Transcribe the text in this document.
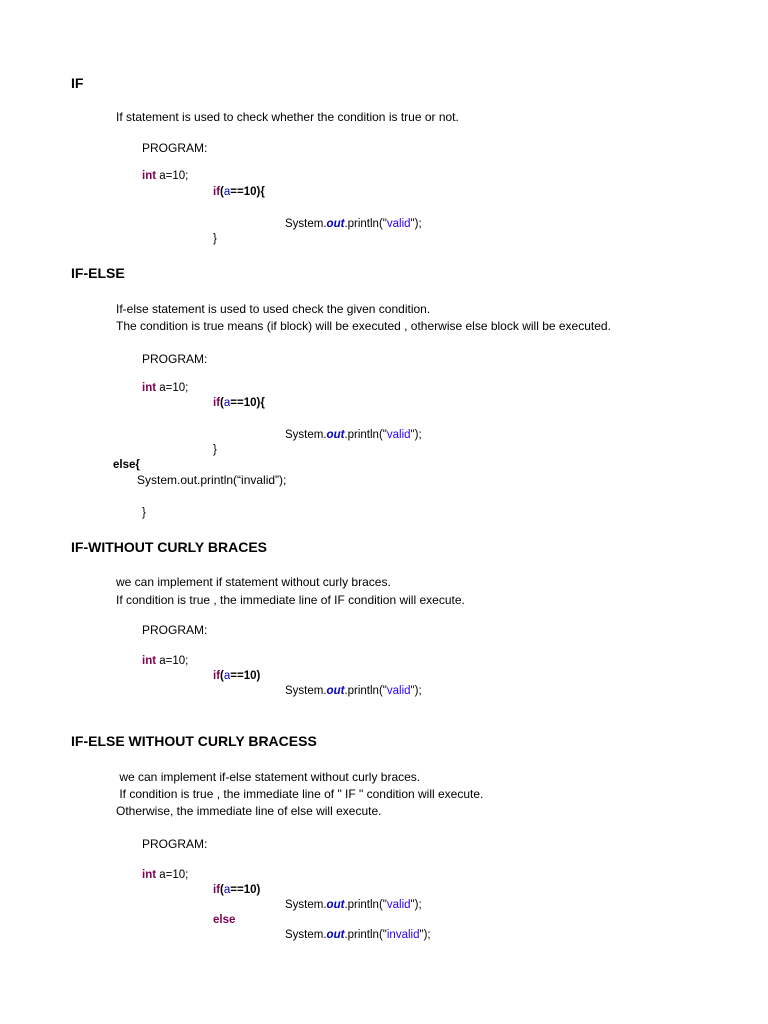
IF
If statement is used to check whether the condition is true or not.
PROGRAM:
int a=10;
if(a==10){
System.out.println("valid");
}
IF-ELSE
If-else statement is used to used check the given condition.
The condition is true means (if block) will be executed , otherwise else block will be executed.
PROGRAM:
int a=10;
if(a==10){
System.out.println("valid");
}
else{
System.out.println(“invalid”);
}
IF-WITHOUT CURLY BRACES
we can implement if statement without curly braces.
If condition is true , the immediate line of IF condition will execute.
PROGRAM:
int a=10;
if(a==10)
System.out.println("valid");
IF-ELSE WITHOUT CURLY BRACESS
we can implement if-else statement without curly braces.
If condition is true , the immediate line of " IF " condition will execute.
Otherwise, the immediate line of else will execute.
PROGRAM:
int a=10;
if(a==10)
System.out.println("valid");
else
System.out.println("invalid");
